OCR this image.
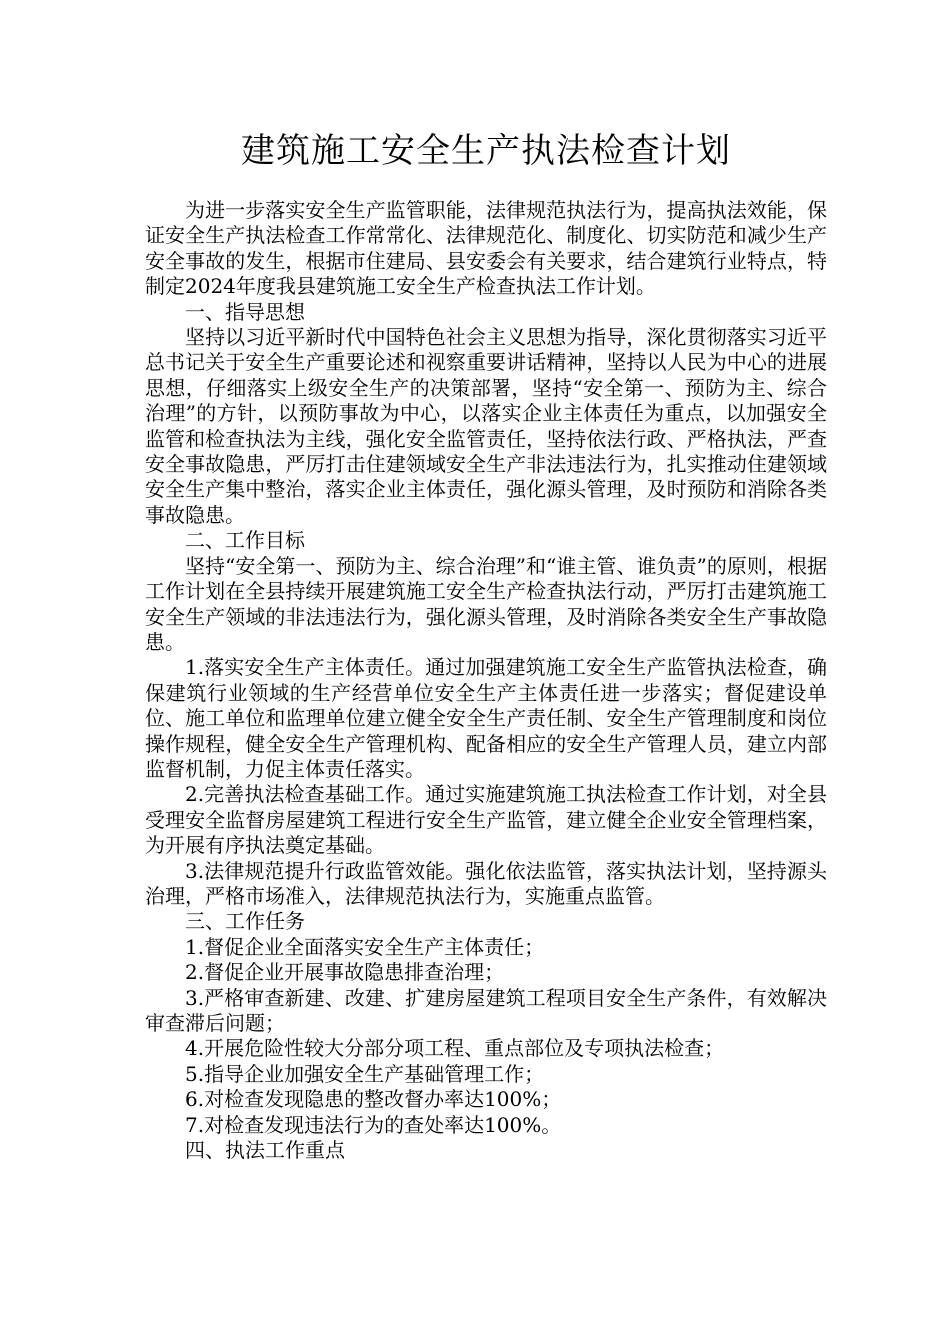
建筑施工安全生产执法检查计划

为进一步落实安全生产监管职能，法律规范执法行为，提高执法效能，保证安全生产执法检查工作常常化、法律规范化、制度化、切实防范和减少生产安全事故的发生，根据市住建局、县安委会有关要求，结合建筑行业特点，特制定2024年度我县建筑施工安全生产检查执法工作计划。

一、指导思想

坚持以习近平新时代中国特色社会主义思想为指导，深化贯彻落实习近平总书记关于安全生产重要论述和视察重要讲话精神，坚持以人民为中心的进展思想，仔细落实上级安全生产的决策部署，坚持“安全第一、预防为主、综合治理”的方针，以预防事故为中心，以落实企业主体责任为重点，以加强安全监管和检查执法为主线，强化安全监管责任，坚持依法行政、严格执法，严查安全事故隐患，严厉打击住建领域安全生产非法违法行为，扎实推动住建领域安全生产集中整治，落实企业主体责任，强化源头管理，及时预防和消除各类事故隐患。

二、工作目标

坚持“安全第一、预防为主、综合治理”和“谁主管、谁负责”的原则，根据工作计划在全县持续开展建筑施工安全生产检查执法行动，严厉打击建筑施工安全生产领域的非法违法行为，强化源头管理，及时消除各类安全生产事故隐患。

1.落实安全生产主体责任。通过加强建筑施工安全生产监管执法检查，确保建筑行业领域的生产经营单位安全生产主体责任进一步落实；督促建设单位、施工单位和监理单位建立健全安全生产责任制、安全生产管理制度和岗位操作规程，健全安全生产管理机构、配备相应的安全生产管理人员，建立内部监督机制，力促主体责任落实。

2.完善执法检查基础工作。通过实施建筑施工执法检查工作计划，对全县受理安全监督房屋建筑工程进行安全生产监管，建立健全企业安全管理档案，为开展有序执法奠定基础。

3.法律规范提升行政监管效能。强化依法监管，落实执法计划，坚持源头治理，严格市场准入，法律规范执法行为，实施重点监管。

三、工作任务

1.督促企业全面落实安全生产主体责任；

2.督促企业开展事故隐患排查治理；

3.严格审查新建、改建、扩建房屋建筑工程项目安全生产条件，有效解决审查滞后问题；

4.开展危险性较大分部分项工程、重点部位及专项执法检查；

5.指导企业加强安全生产基础管理工作；

6.对检查发现隐患的整改督办率达100%；

7.对检查发现违法行为的查处率达100%。

四、执法工作重点
